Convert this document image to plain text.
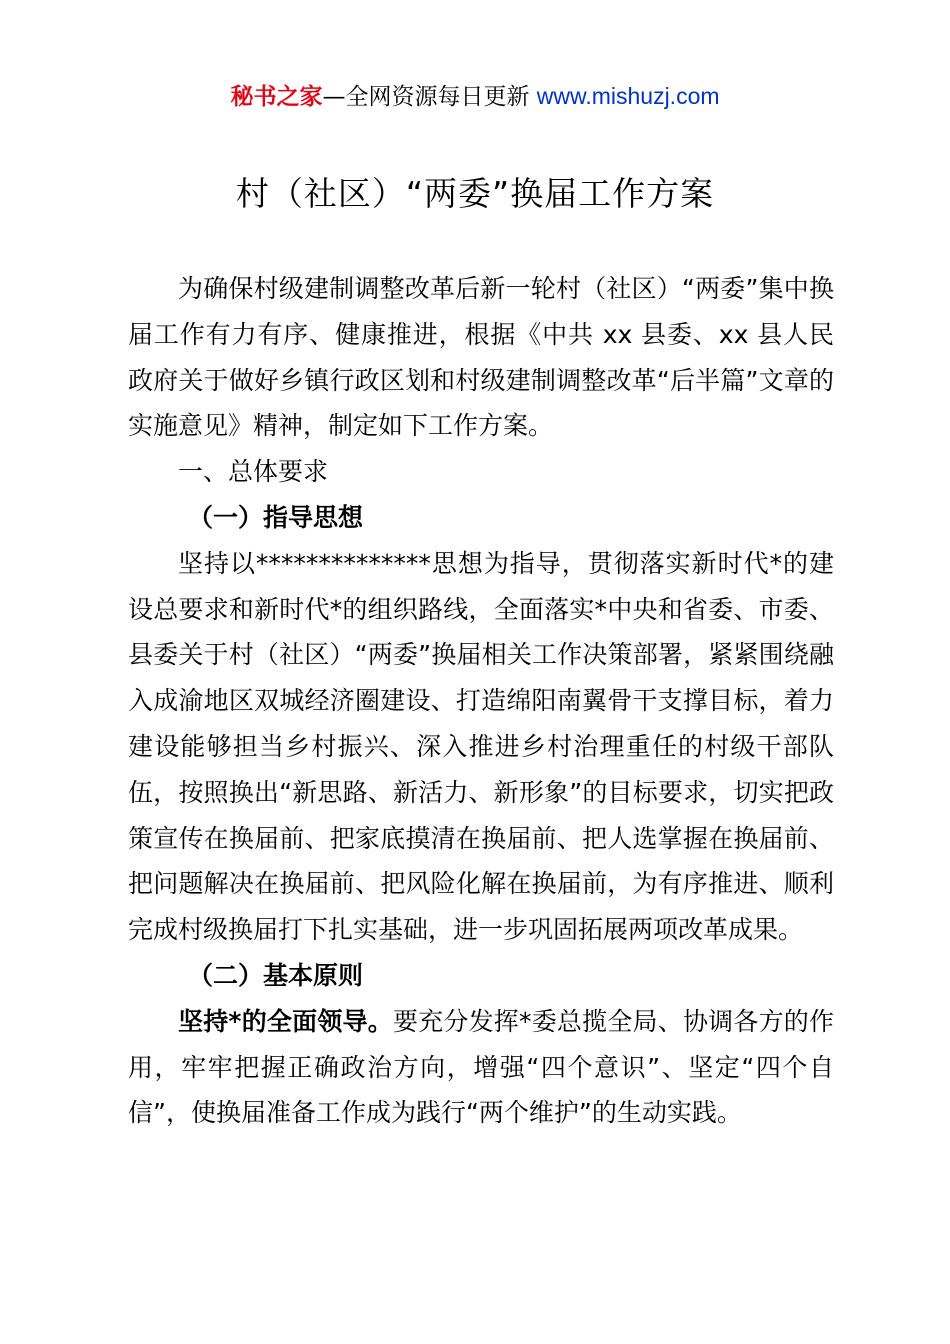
秘书之家—全网资源每日更新 www.mishuzj.com
村（社区）“两委”换届工作方案

为确保村级建制调整改革后新一轮村（社区）“两委”集中换届工作有力有序、健康推进，根据《中共 xx 县委、xx 县人民政府关于做好乡镇行政区划和村级建制调整改革“后半篇”文章的实施意见》精神，制定如下工作方案。

一、总体要求

（一）指导思想

坚持以**************思想为指导，贯彻落实新时代*的建设总要求和新时代*的组织路线，全面落实*中央和省委、市委、县委关于村（社区）“两委”换届相关工作决策部署，紧紧围绕融入成渝地区双城经济圈建设、打造绵阳南翼骨干支撑目标，着力建设能够担当乡村振兴、深入推进乡村治理重任的村级干部队伍，按照换出“新思路、新活力、新形象”的目标要求，切实把政策宣传在换届前、把家底摸清在换届前、把人选掌握在换届前、把问题解决在换届前、把风险化解在换届前，为有序推进、顺利完成村级换届打下扎实基础，进一步巩固拓展两项改革成果。

（二）基本原则

坚持*的全面领导。要充分发挥*委总揽全局、协调各方的作用，牢牢把握正确政治方向，增强“四个意识”、坚定“四个自信”，使换届准备工作成为践行“两个维护”的生动实践。
